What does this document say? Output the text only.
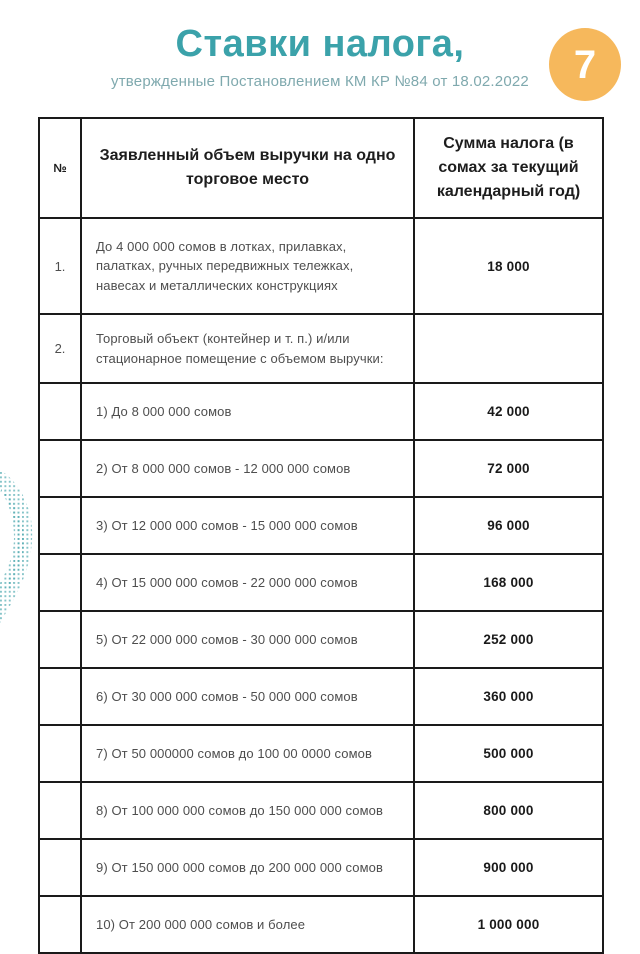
Ставки налога,
утвержденные Постановлением КМ КР №84 от 18.02.2022	7
№	Заявленный объем выручки на одно торговое место	Сумма налога (в сомах за текущий календарный год)
1.	До 4 000 000 сомов в лотках, прилавках, палатках, ручных передвижных тележках, навесах и металлических конструкциях	18 000
2.	Торговый объект (контейнер и т. п.) и/или стационарное помещение с объемом выручки:	
	1) До 8 000 000 сомов	42 000
	2) От 8 000 000 сомов - 12 000 000 сомов	72 000
	3) От 12 000 000 сомов - 15 000 000 сомов	96 000
	4) От 15 000 000 сомов - 22 000 000 сомов	168 000
	5) От 22 000 000 сомов - 30 000 000 сомов	252 000
	6) От 30 000 000 сомов - 50 000 000 сомов	360 000
	7) От 50 000000 сомов до 100 00 0000 сомов	500 000
	8) От 100 000 000 сомов до 150 000 000 сомов	800 000
	9) От 150 000 000 сомов до 200 000 000 сомов	900 000
	10) От 200 000 000 сомов и более	1 000 000
